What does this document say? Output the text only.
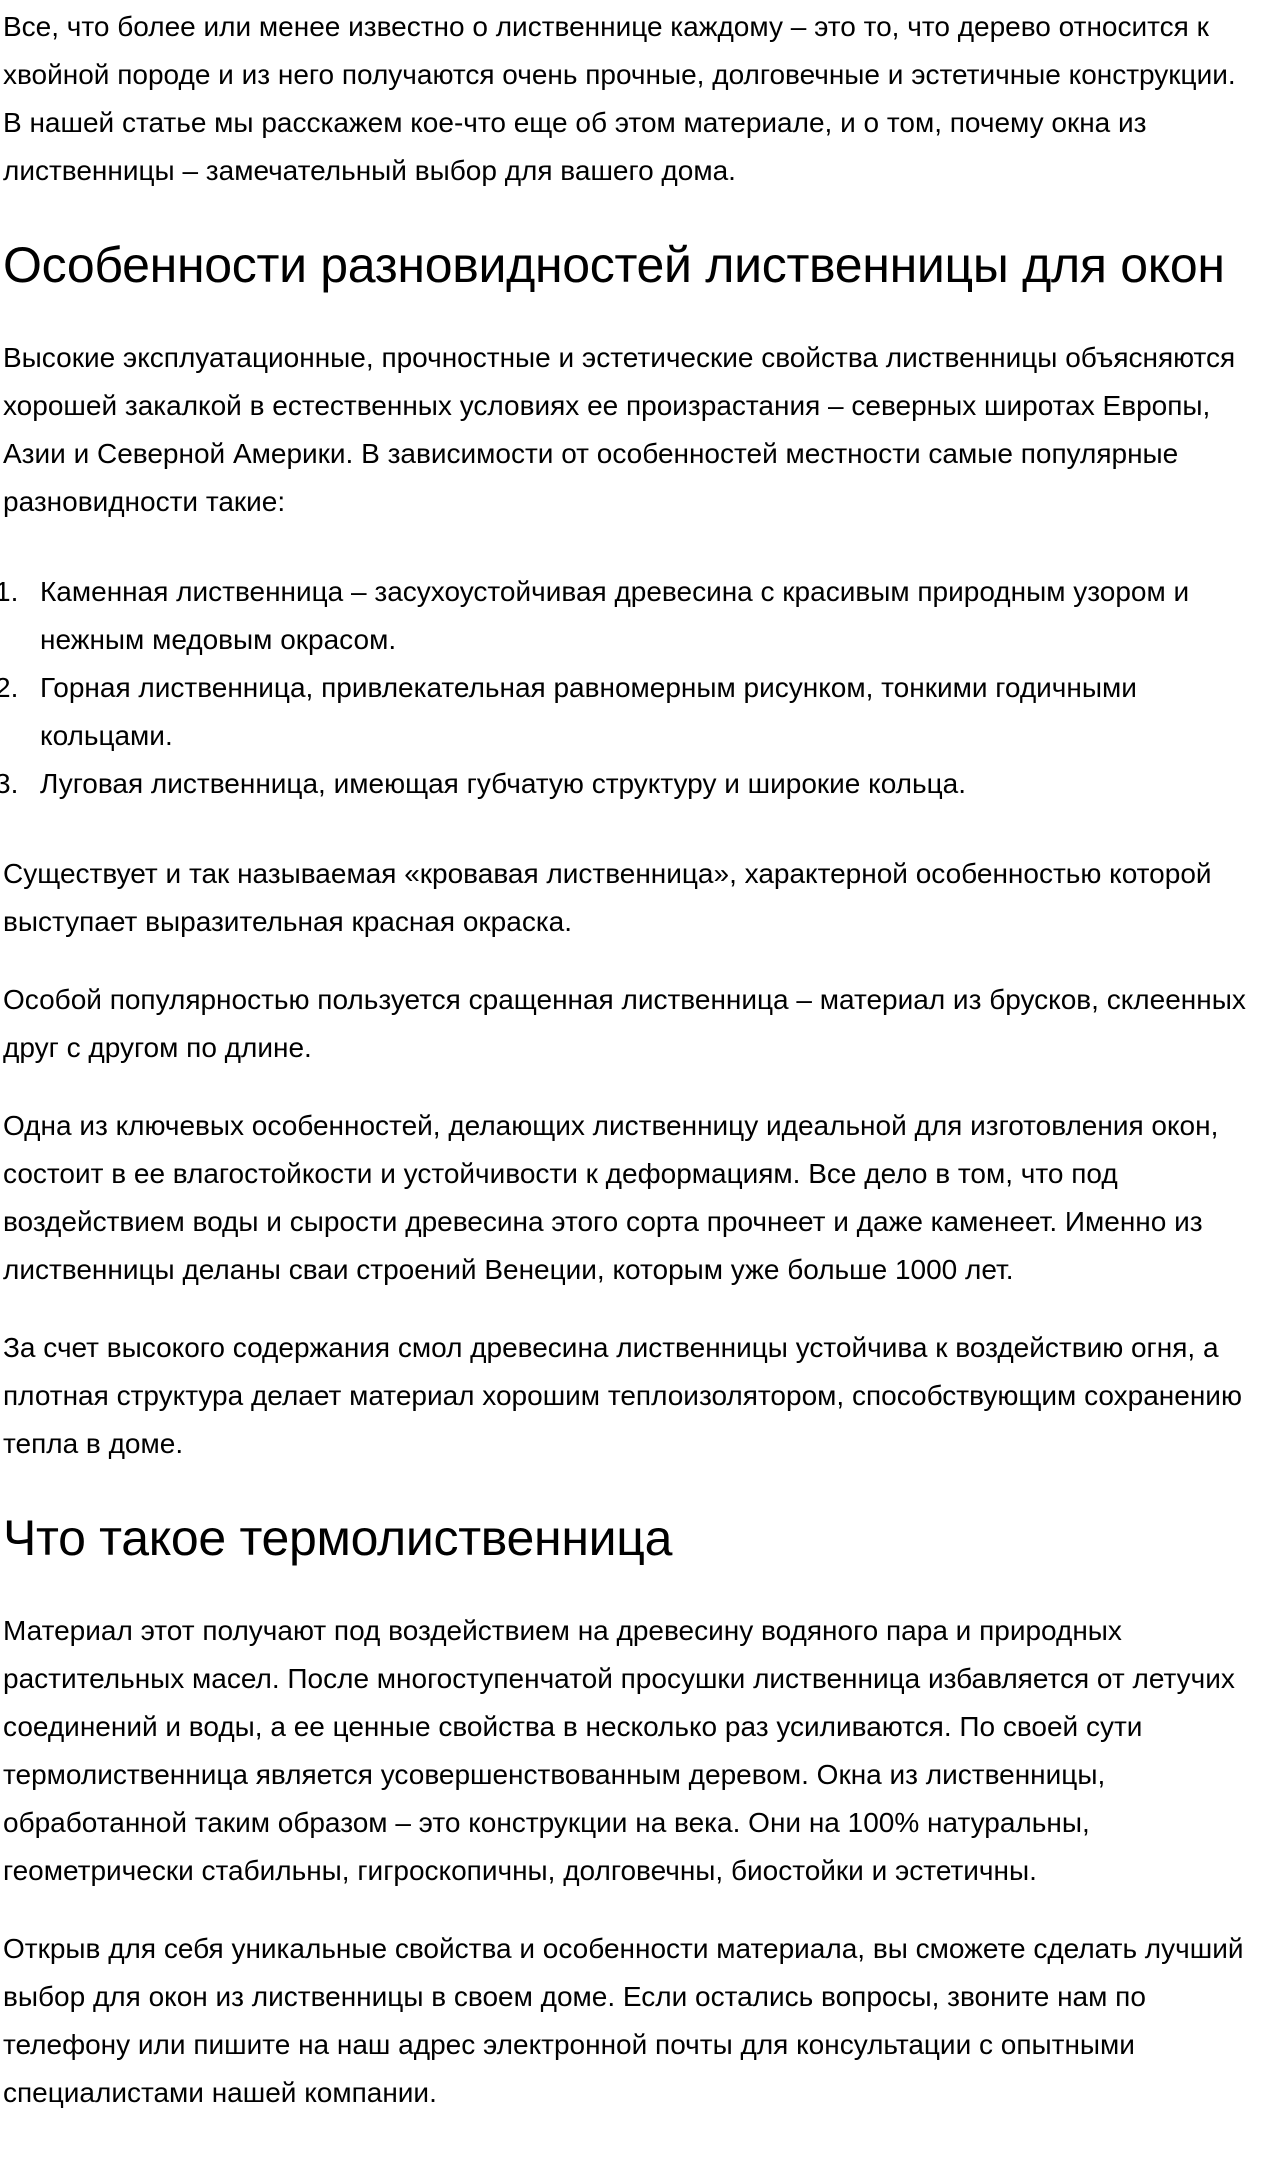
Все, что более или менее известно о лиственнице каждому – это то, что дерево относится к хвойной породе и из него получаются очень прочные, долговечные и эстетичные конструкции. В нашей статье мы расскажем кое-что еще об этом материале, и о том, почему окна из лиственницы – замечательный выбор для вашего дома.

Особенности разновидностей лиственницы для окон

Высокие эксплуатационные, прочностные и эстетические свойства лиственницы объясняются хорошей закалкой в естественных условиях ее произрастания – северных широтах Европы, Азии и Северной Америки. В зависимости от особенностей местности самые популярные разновидности такие:

Каменная лиственница – засухоустойчивая древесина с красивым природным узором и нежным медовым окрасом.
Горная лиственница, привлекательная равномерным рисунком, тонкими годичными кольцами.
Луговая лиственница, имеющая губчатую структуру и широкие кольца.

Существует и так называемая «кровавая лиственница», характерной особенностью которой выступает выразительная красная окраска.

Особой популярностью пользуется сращенная лиственница – материал из брусков, склеенных друг с другом по длине.

Одна из ключевых особенностей, делающих лиственницу идеальной для изготовления окон, состоит в ее влагостойкости и устойчивости к деформациям. Все дело в том, что под воздействием воды и сырости древесина этого сорта прочнеет и даже каменеет. Именно из лиственницы деланы сваи строений Венеции, которым уже больше 1000 лет.

За счет высокого содержания смол древесина лиственницы устойчива к воздействию огня, а плотная структура делает материал хорошим теплоизолятором, способствующим сохранению тепла в доме.

Что такое термолиственница

Материал этот получают под воздействием на древесину водяного пара и природных растительных масел. После многоступенчатой просушки лиственница избавляется от летучих соединений и воды, а ее ценные свойства в несколько раз усиливаются. По своей сути термолиственница является усовершенствованным деревом. Окна из лиственницы, обработанной таким образом – это конструкции на века. Они на 100% натуральны, геометрически стабильны, гигроскопичны, долговечны, биостойки и эстетичны.

Открыв для себя уникальные свойства и особенности материала, вы сможете сделать лучший выбор для окон из лиственницы в своем доме. Если остались вопросы, звоните нам по телефону или пишите на наш адрес электронной почты для консультации с опытными специалистами нашей компании.
